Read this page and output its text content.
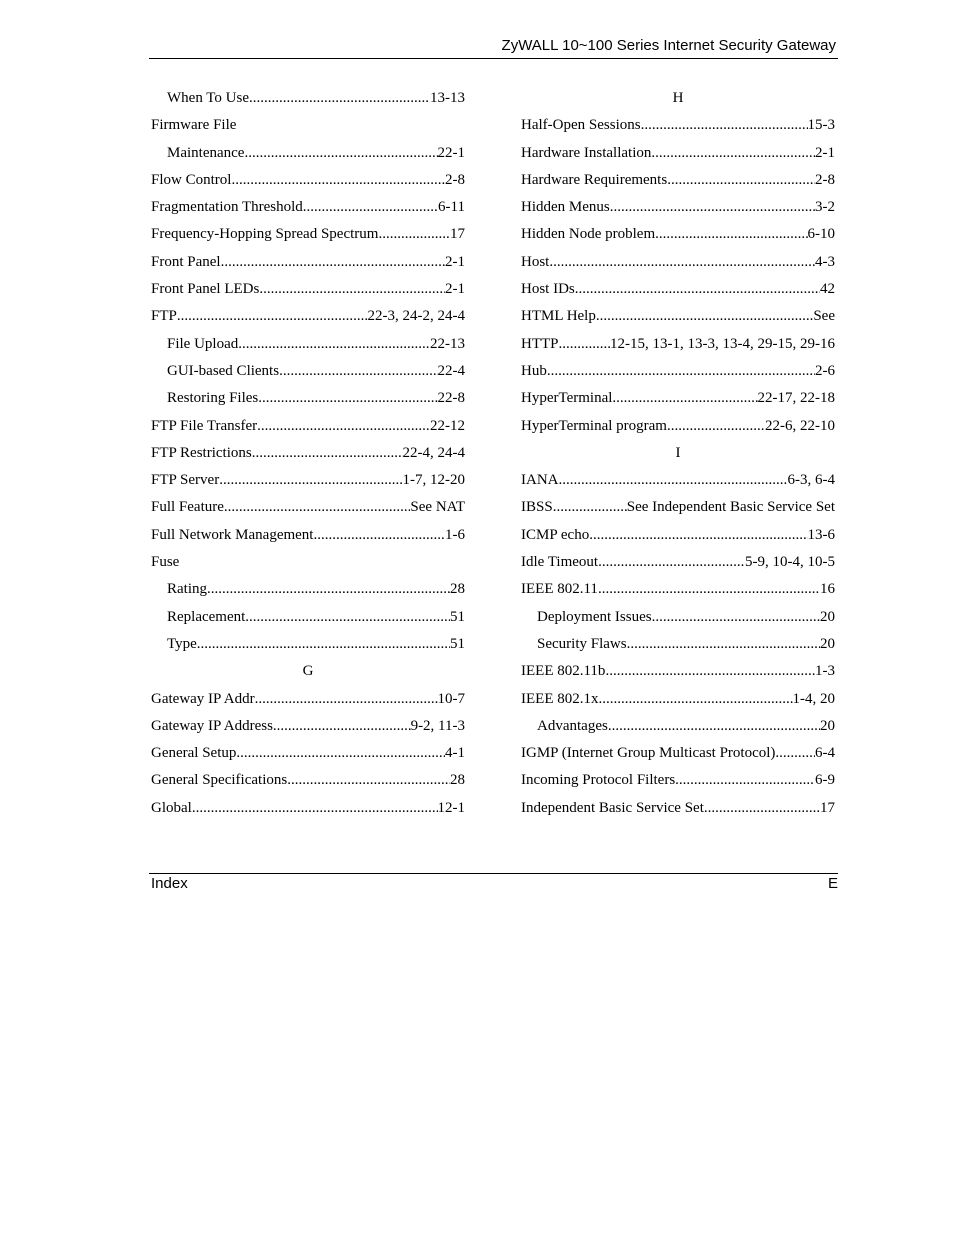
ZyWALL 10~100 Series Internet Security Gateway
When To Use .....	13-13
Firmware File
Maintenance .....	22-1
Flow Control .....	2-8
Fragmentation Threshold .....	6-11
Frequency-Hopping Spread Spectrum .....	17
Front Panel .....	2-1
Front Panel LEDs .....	2-1
FTP .....	22-3, 24-2, 24-4
File Upload .....	22-13
GUI-based Clients .....	22-4
Restoring Files .....	22-8
FTP File Transfer .....	22-12
FTP Restrictions .....	22-4, 24-4
FTP Server .....	1-7, 12-20
Full Feature .....	See NAT
Full Network Management .....	1-6
Fuse
Rating .....	28
Replacement .....	51
Type .....	51
G
Gateway IP Addr .....	10-7
Gateway IP Address .....	9-2, 11-3
General Setup .....	4-1
General Specifications .....	28
Global .....	12-1
H
Half-Open Sessions .....	15-3
Hardware Installation .....	2-1
Hardware Requirements .....	2-8
Hidden Menus .....	3-2
Hidden Node problem .....	6-10
Host .....	4-3
Host IDs .....	42
HTML Help .....	See
HTTP .....	12-15, 13-1, 13-3, 13-4, 29-15, 29-16
Hub .....	2-6
HyperTerminal .....	22-17, 22-18
HyperTerminal program .....	22-6, 22-10
I
IANA .....	6-3, 6-4
IBSS .....	See Independent Basic Service Set
ICMP echo .....	13-6
Idle Timeout .....	5-9, 10-4, 10-5
IEEE 802.11 .....	16
Deployment Issues .....	20
Security Flaws .....	20
IEEE 802.11b .....	1-3
IEEE 802.1x .....	1-4, 20
Advantages .....	20
IGMP (Internet Group Multicast Protocol) .....	6-4
Incoming Protocol Filters .....	6-9
Independent Basic Service Set .....	17
Index	E
